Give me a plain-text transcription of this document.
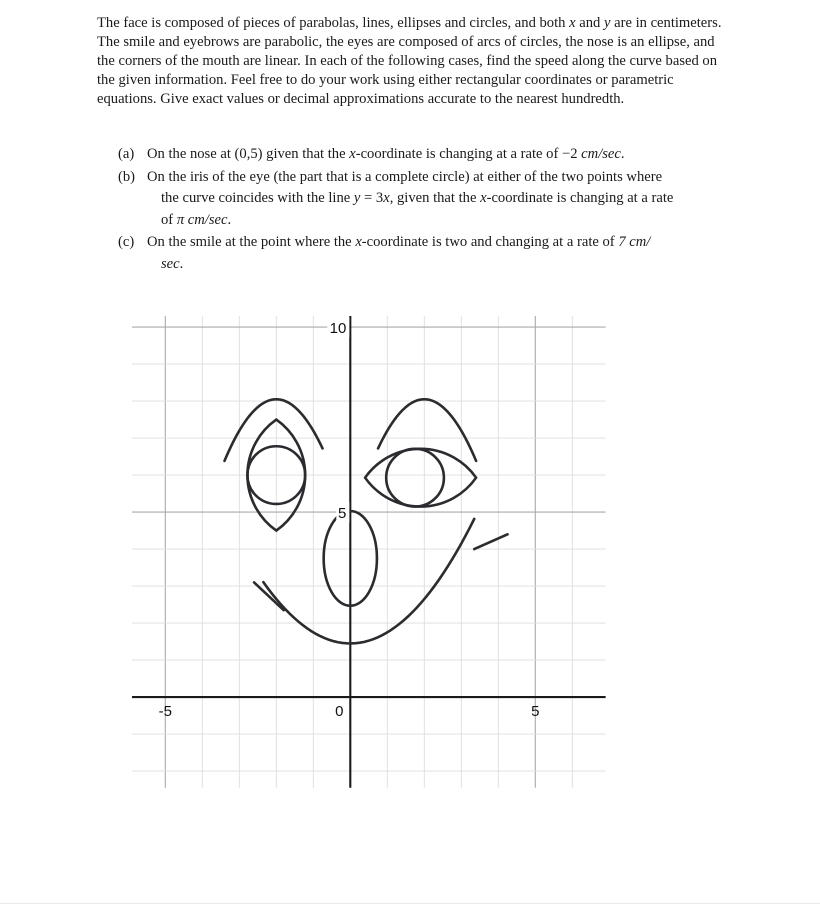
The face is composed of pieces of parabolas, lines, ellipses and circles, and both x and y are in centimeters. The smile and eyebrows are parabolic, the eyes are composed of arcs of circles, the nose is an ellipse, and the corners of the mouth are linear. In each of the following cases, find the speed along the curve based on the given information. Feel free to do your work using either rectangular coordinates or parametric equations. Give exact values or decimal approximations accurate to the nearest hundredth.

(a) On the nose at (0,5) given that the x-coordinate is changing at a rate of −2 cm/sec.
(b) On the iris of the eye (the part that is a complete circle) at either of the two points where
the curve coincides with the line y = 3x, given that the x-coordinate is changing at a rate
of π cm/sec.
(c) On the smile at the point where the x-coordinate is two and changing at a rate of 7 cm/
sec.
-5	0	5
5
10
